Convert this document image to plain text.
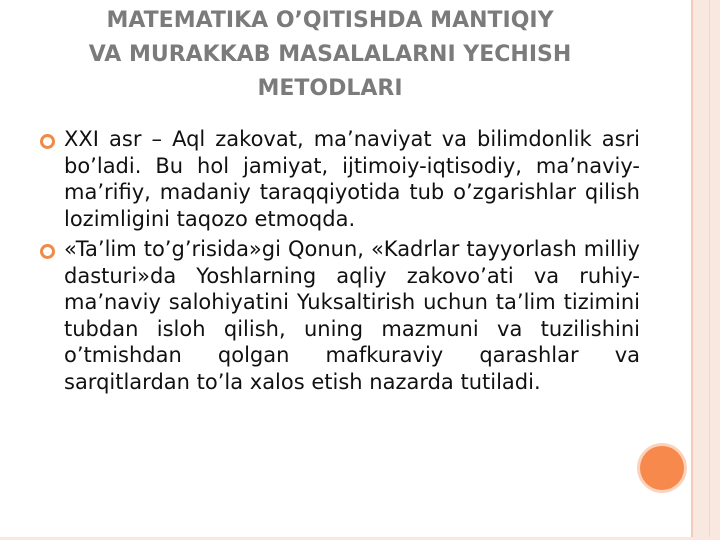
MATEMATIKA O’QITISHDA MANTIQIY
VA MURAKKAB MASALALARNI YECHISH
METODLARI
XXI asr – Aql zakovat, ma’naviyat va bilimdonlik asri bo’ladi. Bu hol jamiyat, ijtimoiy-iqtisodiy, ma’naviy-ma’rifiy, madaniy taraqqiyotida tub o’zgarishlar qilish lozimligini taqozo etmoqda.
«Ta’lim to’g’risida»gi Qonun, «Kadrlar tayyorlash milliy dasturi»da Yoshlarning aqliy zakovo’ati va ruhiy-ma’naviy salohiyatini Yuksaltirish uchun ta’lim tizimini tubdan isloh qilish, uning mazmuni va tuzilishini o’tmishdan qolgan mafkuraviy qarashlar va sarqitlardan to’la xalos etish nazarda tutiladi.
